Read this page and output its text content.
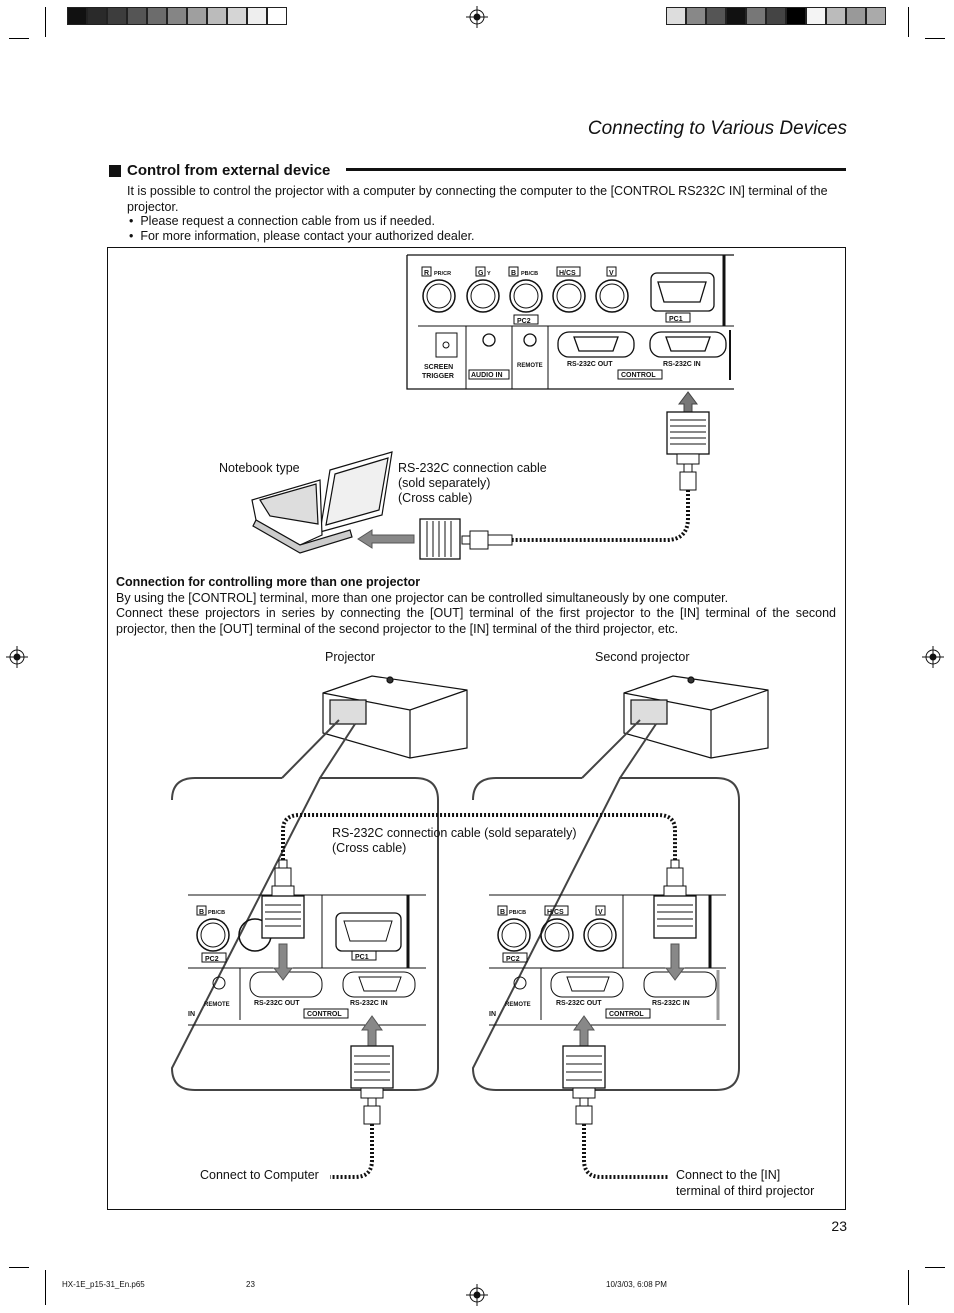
Connecting to Various Devices
Control from external device
It is possible to control the projector with a computer by connecting the computer to the [CONTROL RS232C IN] terminal of the projector.
•  Please request a connection cable from us if needed.
•  For more information, please contact your authorized dealer.
R PR/CR	G Y	B PB/CB	H/CS	V
PC2	PC1
SCREEN
TRIGGER AUDIO IN
REMOTE	RS-232C OUT	RS-232C IN
CONTROL
B PB/CB
PC2	PC1
REMOTE	RS-232C OUT	RS-232C IN
CONTROL
IN
B PB/CB	H/CS	V
PC2
REMOTE	RS-232C OUT	RS-232C IN
CONTROL
IN
Notebook type	RS-232C connection cable
(sold separately)
(Cross cable)
Connection for controlling more than one projector
By using the [CONTROL] terminal, more than one projector can be controlled simultaneously by one computer.
Connect these projectors in series by connecting the [OUT] terminal of the first projector to the [IN] terminal of the second projector, then the [OUT] terminal of the second projector to the [IN] terminal of the third projector, etc.
Projector	Second projector
RS-232C connection cable (sold separately)
(Cross cable)
Connect to Computer	Connect to the [IN]
terminal of third projector
23
HX-1E_p15-31_En.p65	23	10/3/03, 6:08 PM
